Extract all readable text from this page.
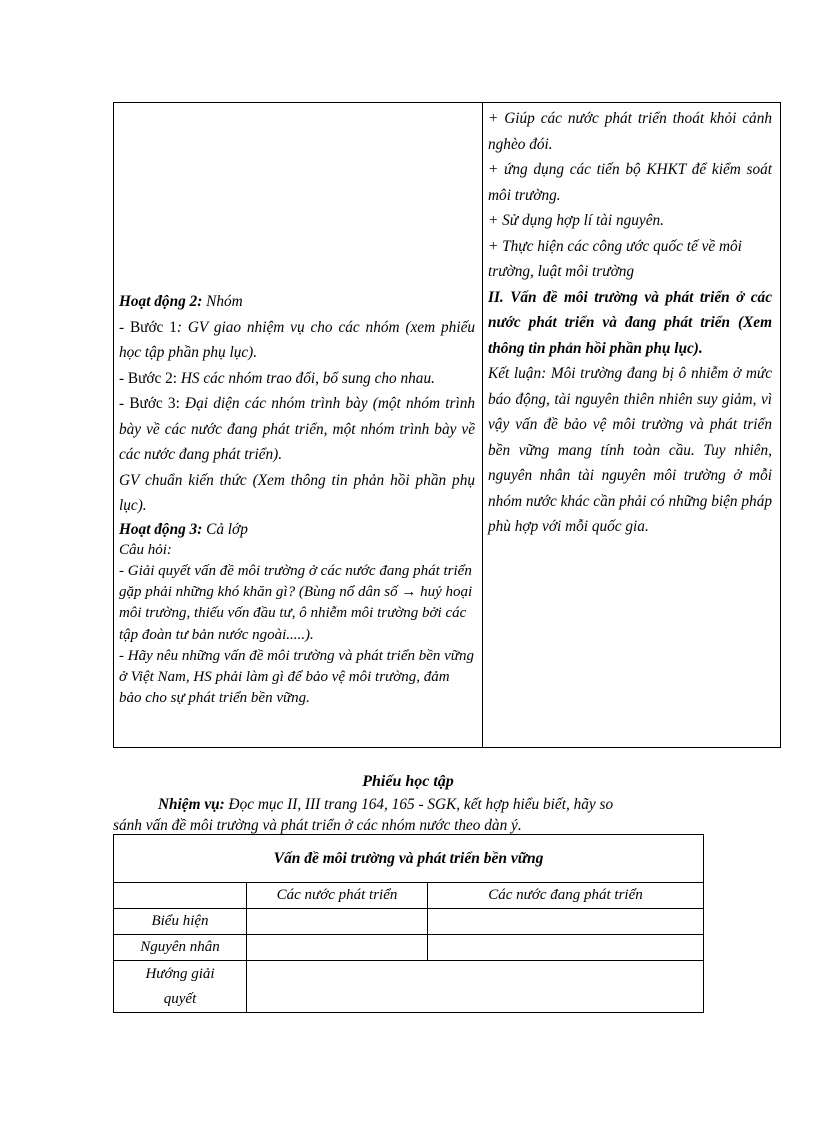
Hoạt động 2: Nhóm

- Bước 1: GV giao nhiệm vụ cho các nhóm (xem phiếu học tập phần phụ lục).

- Bước 2: HS các nhóm trao đổi, bổ sung cho nhau.

- Bước 3: Đại diện các nhóm trình bày (một nhóm trình bày về các nước đang phát triển, một nhóm trình bày về các nước đang phát triển).

GV chuẩn kiến thức (Xem thông tin phản hồi phần phụ lục).

Hoạt động 3: Cả lớp

Câu hỏi:

- Giải quyết vấn đề môi trường ở các nước đang phát triển gặp phải những khó khăn gì? (Bùng nổ dân số → huỷ hoại môi trường, thiếu vốn đầu tư, ô nhiễm môi trường bởi các tập đoàn tư bản nước ngoài.....).

- Hãy nêu những vấn đề môi trường và phát triển bền vững ở Việt Nam, HS phải làm gì để bảo vệ môi trường, đảm bảo cho sự phát triển bền vững.

+ Giúp các nước phát triển thoát khỏi cảnh nghèo đói.

+ ứng dụng các tiến bộ KHKT để kiểm soát môi trường.

+ Sử dụng hợp lí tài nguyên.

+ Thực hiện các công ước quốc tế về môi trường, luật môi trường

II. Vấn đề môi trường và phát triển ở các nước phát triển và đang phát triển (Xem thông tin phản hồi phần phụ lục).

Kết luận: Môi trường đang bị ô nhiễm ở mức báo động, tài nguyên thiên nhiên suy giảm, vì vậy vấn đề bảo vệ môi trường và phát triển bền vững mang tính toàn cầu. Tuy nhiên, nguyên nhân tài nguyên môi trường ở mỗi nhóm nước khác cần phải có những biện pháp phù hợp với mỗi quốc gia.

Phiếu học tập

Nhiệm vụ: Đọc mục II, III trang 164, 165 - SGK, kết hợp hiểu biết, hãy so

sánh vấn đề môi trường và phát triển ở các nhóm nước theo dàn ý.

Vấn đề môi trường và phát triển bền vững		
	Các nước phát triển	Các nước đang phát triển
Biểu hiện		
Nguyên nhân		
Hướng giải quyết		
